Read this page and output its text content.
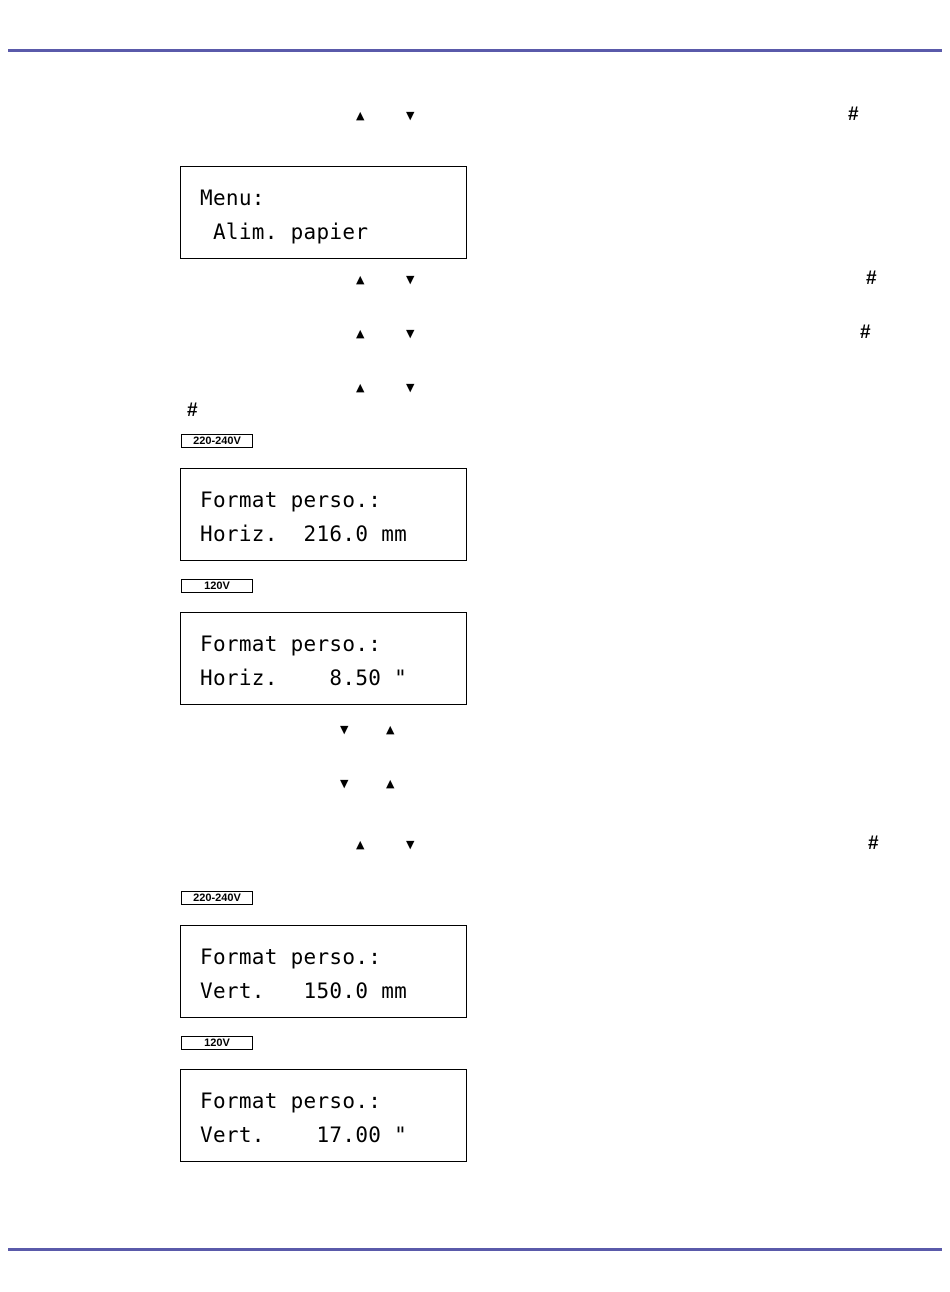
▲	▼	#
Menu:
Alim. papier
▲	▼	#
▲	▼	#
▲	▼
#
220-240V
Format perso.:
Horiz.  216.0 mm
120V
Format perso.:
Horiz.    8.50 "
▼	▲
▼	▲
▲	▼	#
220-240V
Format perso.:
Vert.   150.0 mm
120V
Format perso.:
Vert.    17.00 "
